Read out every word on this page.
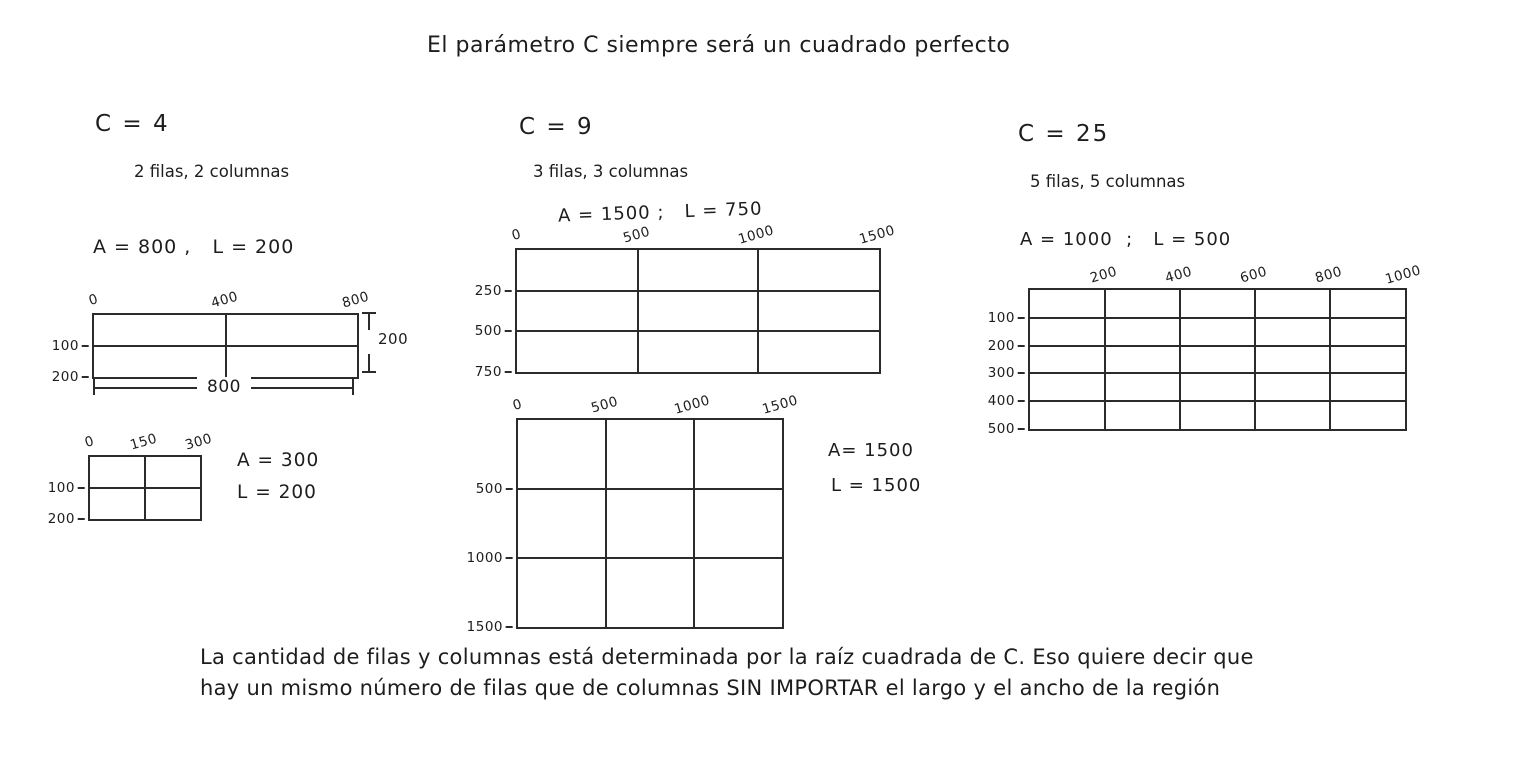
El parámetro C siempre será un cuadrado perfecto
C = 4
2 filas, 2 columnas
A = 800 ,   L = 200
0	400	800
100
200
200
800
0 150 300
100
200
A = 300
L = 200
C = 9
3 filas, 3 columnas
A = 1500 ;   L = 750
0	500	1000	1500
250
500
750
0	500	1000	1500
500
1000
1500
A= 1500
L = 1500
C = 25
5 filas, 5 columnas
A = 1000  ;   L = 500
200	400	600	800	1000
100
200
300
400
500
La cantidad de filas y columnas está determinada por la raíz cuadrada de C. Eso quiere decir que
hay un mismo número de filas que de columnas SIN IMPORTAR el largo y el ancho de la región
